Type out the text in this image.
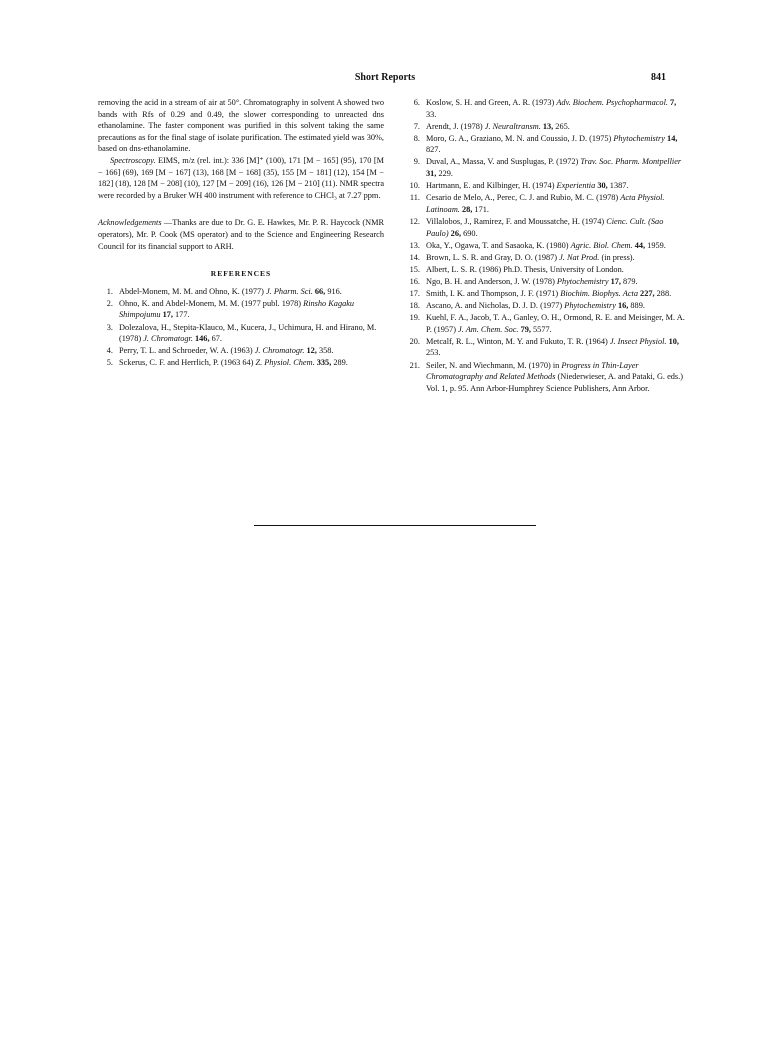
Short Reports	841

removing the acid in a stream of air at 50°. Chromatography in solvent A showed two bands with Rfs of 0.29 and 0.49, the slower corresponding to unreacted dns ethanolamine. The faster component was purified in this solvent taking the same precautions as for the final stage of isolate purification. The estimated yield was 30%, based on dns-ethanolamine.

Spectroscopy. EIMS, m/z (rel. int.): 336 [M]⁺ (100), 171 [M − 165] (95), 170 [M − 166] (69), 169 [M − 167] (13), 168 [M − 168] (35), 155 [M − 181] (12), 154 [M − 182] (18), 128 [M − 208] (10), 127 [M − 209] (16), 126 [M − 210] (11). NMR spectra were recorded by a Bruker WH 400 instrument with reference to CHCl₃ at 7.27 ppm.

Acknowledgements —Thanks are due to Dr. G. E. Hawkes, Mr. P. R. Haycock (NMR operators), Mr. P. Cook (MS operator) and to the Science and Engineering Research Council for its financial support to ARH.

REFERENCES
1. Abdel-Monem, M. M. and Ohno, K. (1977) J. Pharm. Sci. 66, 916.
2. Ohno, K. and Abdel-Monem, M. M. (1977 publ. 1978) Rinsho Kagaku Shimpojumu 17, 177.
3. Dolezalova, H., Stepita-Klauco, M., Kucera, J., Uchimura, H. and Hirano, M. (1978) J. Chromatogr. 146, 67.
4. Perry, T. L. and Schroeder, W. A. (1963) J. Chromatogr. 12, 358.
5. Sckerus, C. F. and Herrlich, P. (1963 64) Z. Physiol. Chem. 335, 289.
6. Koslow, S. H. and Green, A. R. (1973) Adv. Biochem. Psychopharmacol. 7, 33.
7. Arendt, J. (1978) J. Neuraltransm. 13, 265.
8. Moro, G. A., Graziano, M. N. and Coussio, J. D. (1975) Phytochemistry 14, 827.
9. Duval, A., Massa, V. and Susplugas, P. (1972) Trav. Soc. Pharm. Montpellier 31, 229.
10. Hartmann, E. and Kilbinger, H. (1974) Experientia 30, 1387.
11. Cesario de Melo, A., Perec, C. J. and Rubio, M. C. (1978) Acta Physiol. Latinoam. 28, 171.
12. Villalobos, J., Ramirez, F. and Moussatche, H. (1974) Cienc. Cult. (Sao Paulo) 26, 690.
13. Oka, Y., Ogawa, T. and Sasaoka, K. (1980) Agric. Biol. Chem. 44, 1959.
14. Brown, L. S. R. and Gray, D. O. (1987) J. Nat Prod. (in press).
15. Albert, L. S. R. (1986) Ph.D. Thesis, University of London.
16. Ngo, B. H. and Anderson, J. W. (1978) Phytochemistry 17, 879.
17. Smith, I. K. and Thompson, J. F. (1971) Biochim. Biophys. Acta 227, 288.
18. Ascano, A. and Nicholas, D. J. D. (1977) Phytochemistry 16, 889.
19. Kuehl, F. A., Jacob, T. A., Ganley, O. H., Ormond, R. E. and Meisinger, M. A. P. (1957) J. Am. Chem. Soc. 79, 5577.
20. Metcalf, R. L., Winton, M. Y. and Fukuto, T. R. (1964) J. Insect Physiol. 10, 253.
21. Seiler, N. and Wiechmann, M. (1970) in Progress in Thin-Layer Chromatography and Related Methods (Niederwieser, A. and Pataki, G. eds.) Vol. 1, p. 95. Ann Arbor-Humphrey Science Publishers, Ann Arbor.
